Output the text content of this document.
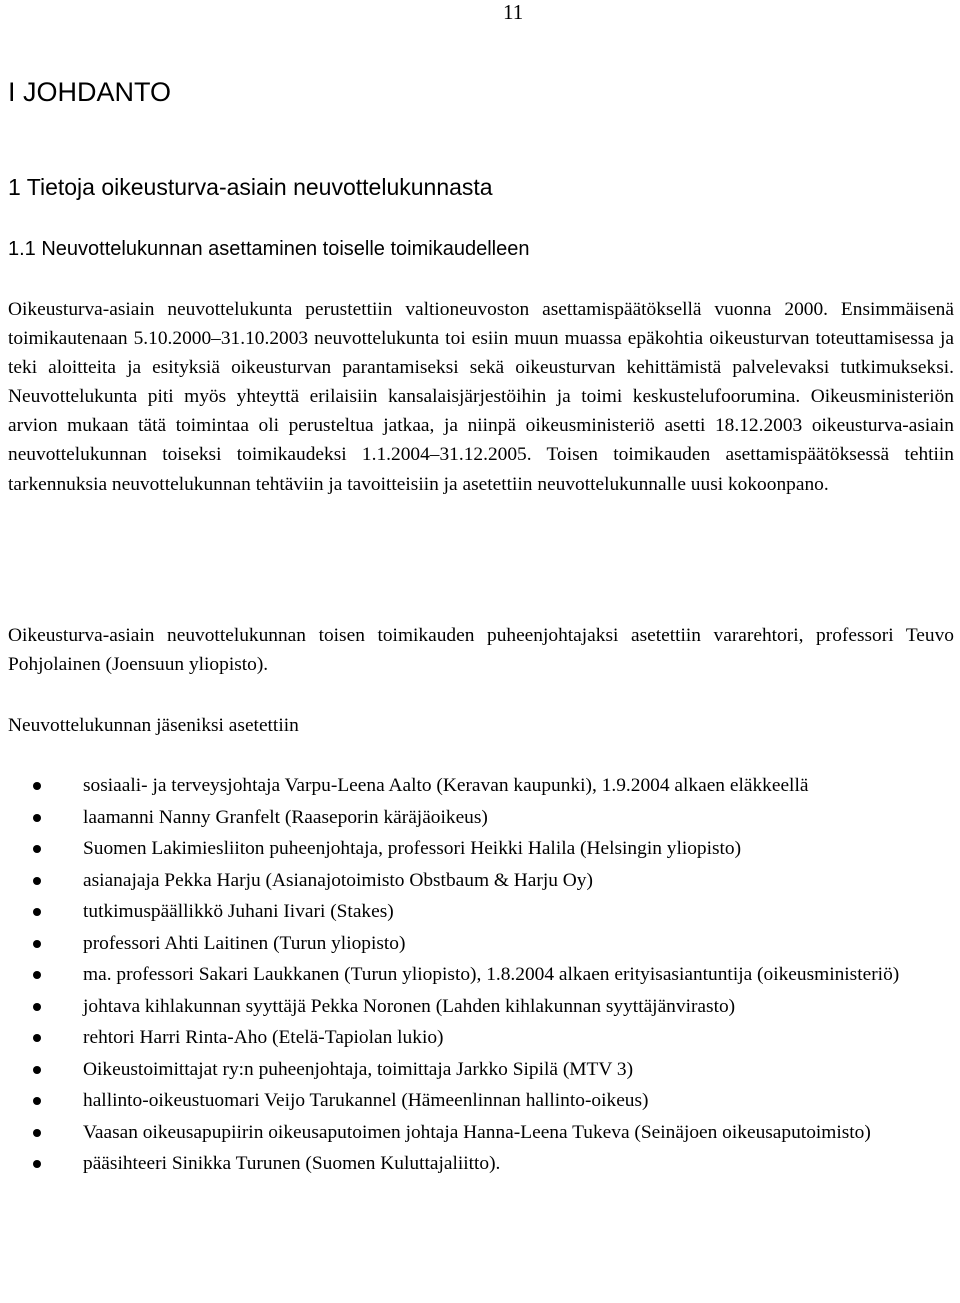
11
I JOHDANTO
1 Tietoja oikeusturva-asiain neuvottelukunnasta
1.1 Neuvottelukunnan asettaminen toiselle toimikaudelleen

Oikeusturva-asiain neuvottelukunta perustettiin valtioneuvoston asettamispäätöksellä vuonna 2000. Ensimmäisenä toimikautenaan 5.10.2000–31.10.2003 neuvottelukunta toi esiin muun muassa epäkohtia oikeusturvan toteuttamisessa ja teki aloitteita ja esityksiä oikeusturvan parantamiseksi sekä oikeusturvan kehittämistä palvelevaksi tutkimukseksi. Neuvottelukunta piti myös yhteyttä erilaisiin kansalaisjärjestöihin ja toimi keskustelufoorumina. Oikeusministeriön arvion mukaan tätä toimintaa oli perusteltua jatkaa, ja niinpä oikeusministeriö asetti 18.12.2003 oikeusturva-asiain neuvottelukunnan toiseksi toimikaudeksi 1.1.2004–31.12.2005. Toisen toimikauden asettamispäätöksessä tehtiin tarkennuksia neuvottelukunnan tehtäviin ja tavoitteisiin ja asetettiin neuvottelukunnalle uusi kokoonpano.

Oikeusturva-asiain neuvottelukunnan toisen toimikauden puheenjohtajaksi asetettiin vararehtori, professori Teuvo Pohjolainen (Joensuun yliopisto).

Neuvottelukunnan jäseniksi asetettiin

sosiaali- ja terveysjohtaja Varpu-Leena Aalto (Keravan kaupunki), 1.9.2004 alkaen eläkkeellä
laamanni Nanny Granfelt (Raaseporin käräjäoikeus)
Suomen Lakimiesliiton puheenjohtaja, professori Heikki Halila (Helsingin yliopisto)
asianajaja Pekka Harju (Asianajotoimisto Obstbaum & Harju Oy)
tutkimuspäällikkö Juhani Iivari (Stakes)
professori Ahti Laitinen (Turun yliopisto)
ma. professori Sakari Laukkanen (Turun yliopisto), 1.8.2004 alkaen erityisasiantuntija (oikeusministeriö)
johtava kihlakunnan syyttäjä Pekka Noronen (Lahden kihlakunnan syyttäjänvirasto)
rehtori Harri Rinta-Aho (Etelä-Tapiolan lukio)
Oikeustoimittajat ry:n puheenjohtaja, toimittaja Jarkko Sipilä (MTV 3)
hallinto-oikeustuomari Veijo Tarukannel (Hämeenlinnan hallinto-oikeus)
Vaasan oikeusapupiirin oikeusaputoimen johtaja Hanna-Leena Tukeva (Seinäjoen oikeusaputoimisto)
pääsihteeri Sinikka Turunen (Suomen Kuluttajaliitto).
